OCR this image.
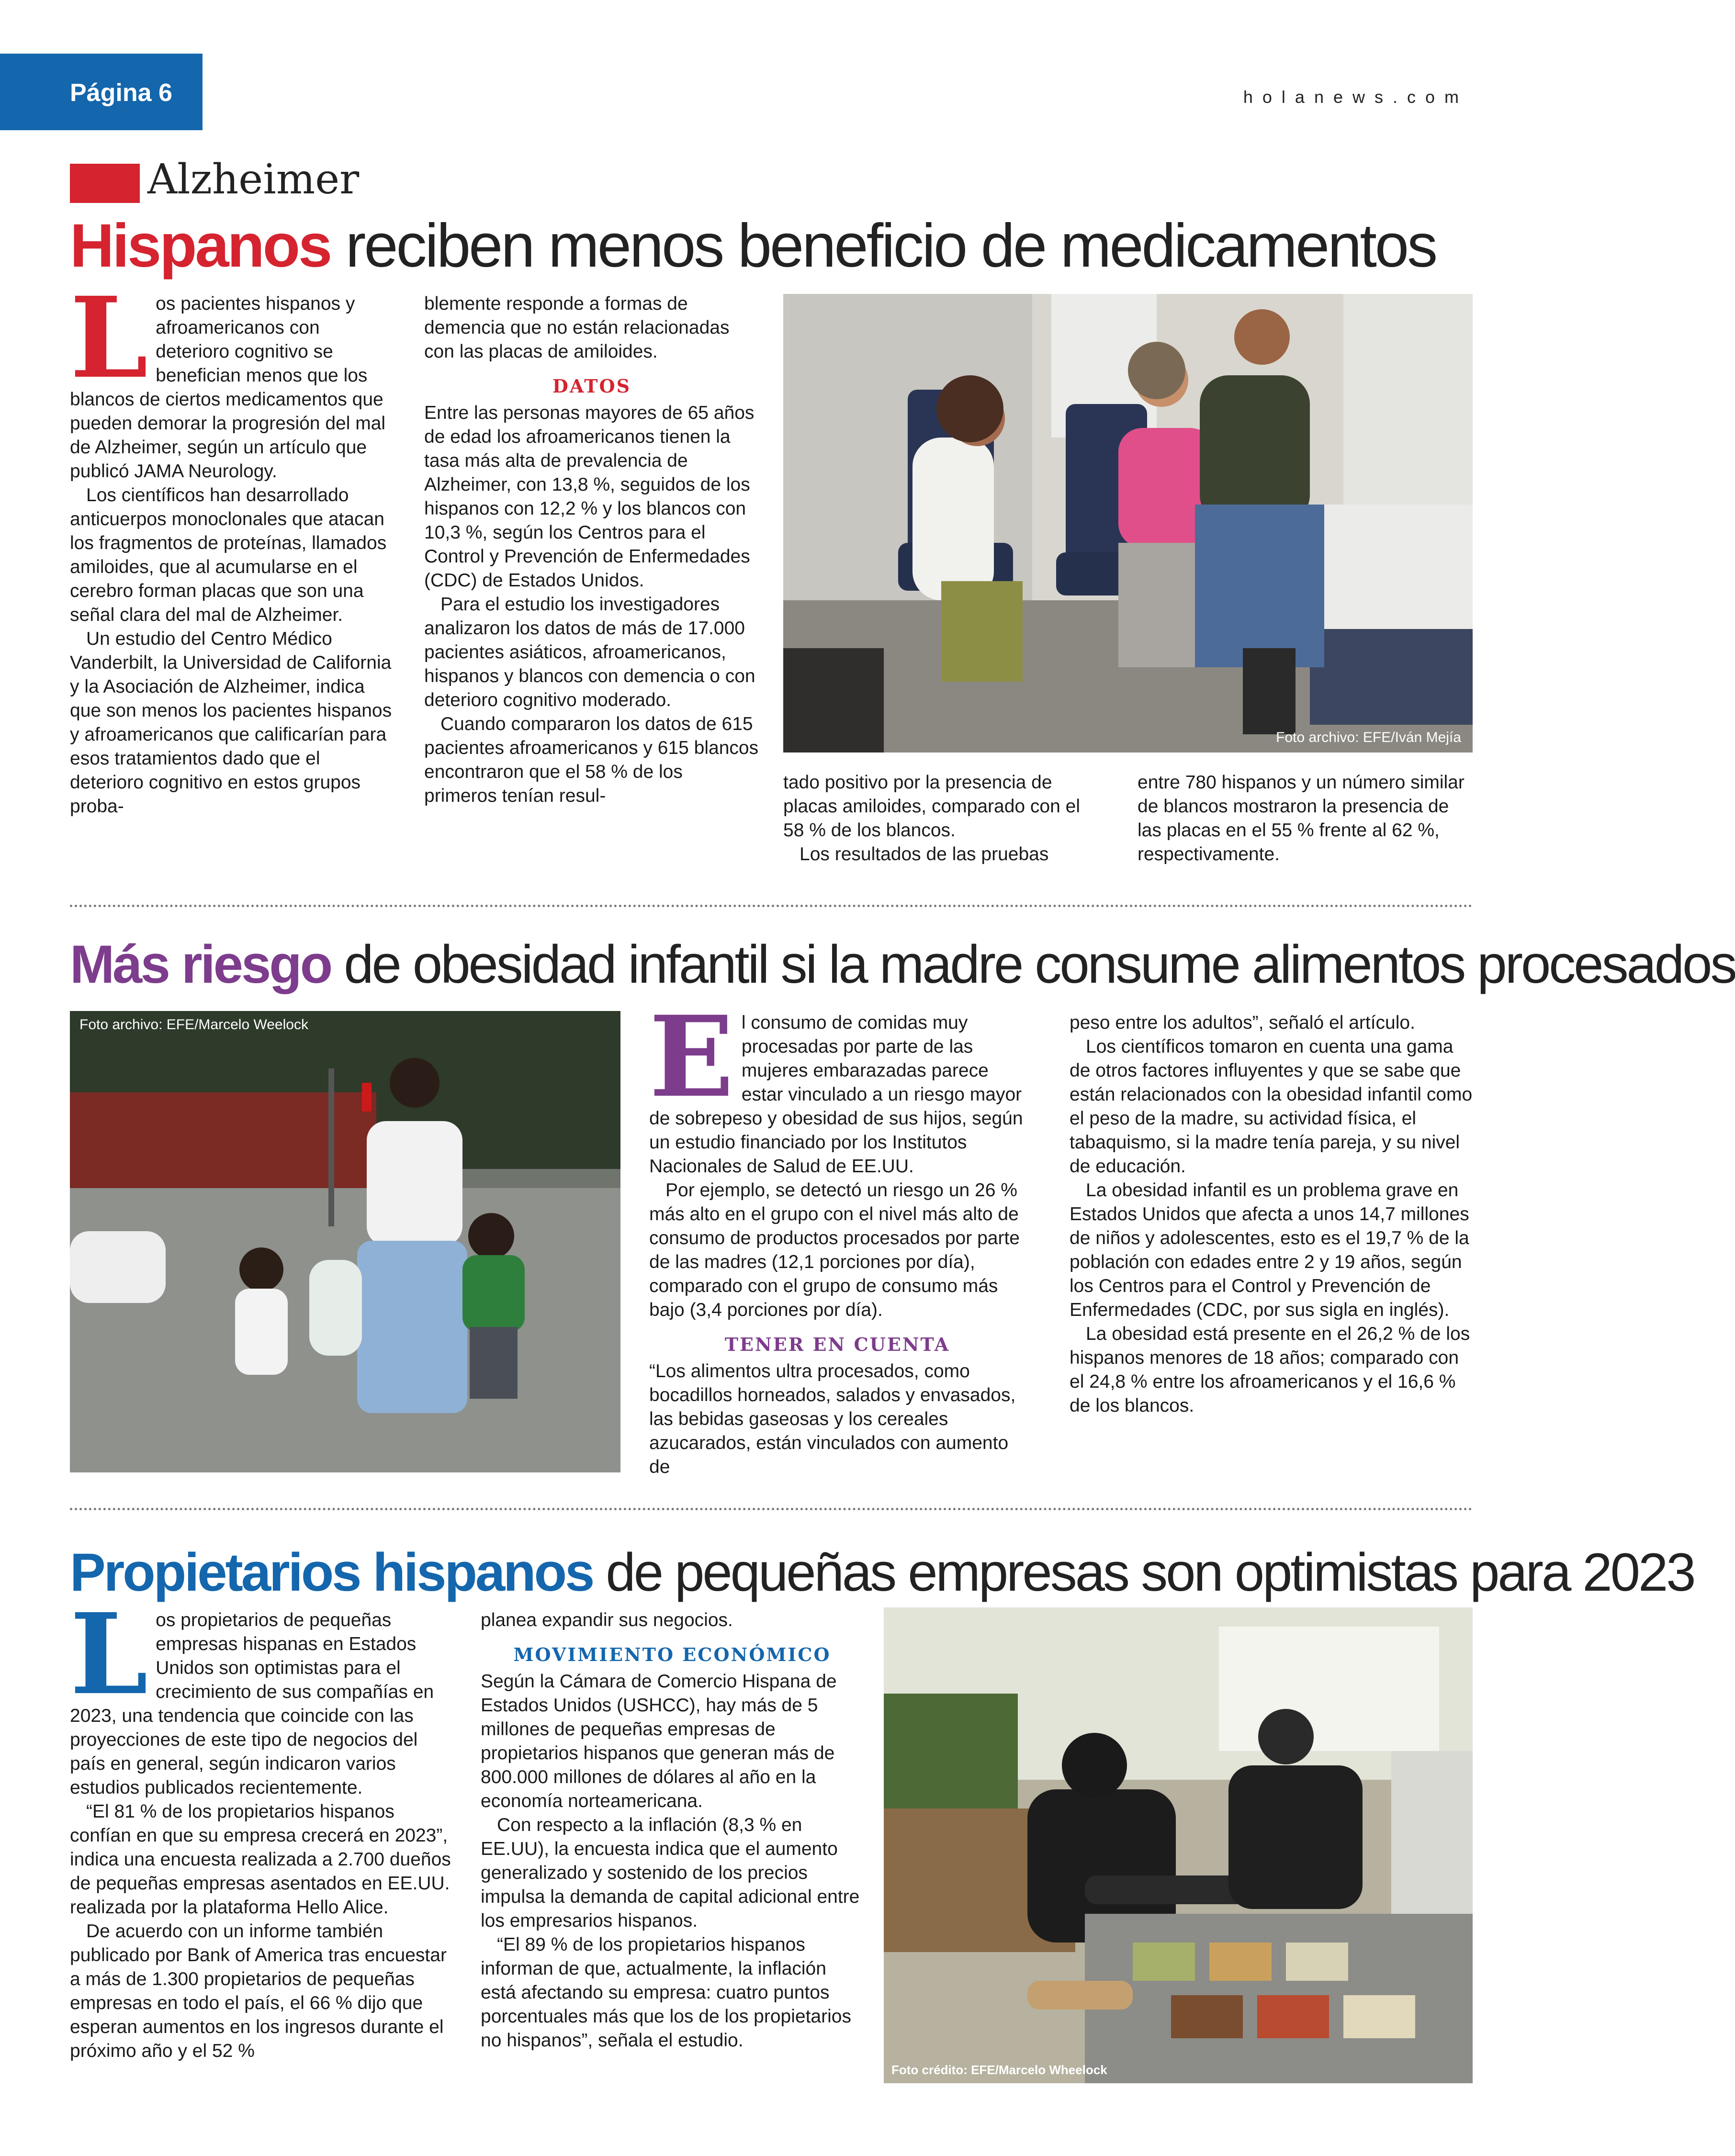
Página 6	holanews.com
Alzheimer
Hispanos reciben menos beneficio de medicamentos
L os pacientes hispanos y afroamericanos con deterioro cognitivo se benefician menos que los blancos de ciertos medicamentos que pueden demorar la progresión del mal de Alzheimer, según un artículo que publicó JAMA Neurology.

Los científicos han desarrollado anticuerpos monoclonales que atacan los fragmentos de proteínas, llamados amiloides, que al acumularse en el cerebro forman placas que son una señal clara del mal de Alzheimer.

Un estudio del Centro Médico Vanderbilt, la Universidad de California y la Asociación de Alzheimer, indica que son menos los pacientes hispanos y afroamericanos que calificarían para esos tratamientos dado que el deterioro cognitivo en estos grupos proba-

blemente responde a formas de demencia que no están relacionadas con las placas de amiloides.

DATOS

Entre las personas mayores de 65 años de edad los afroamericanos tienen la tasa más alta de prevalencia de Alzheimer, con 13,8 %, seguidos de los hispanos con 12,2 % y los blancos con 10,3 %, según los Centros para el Control y Prevención de Enfermedades (CDC) de Estados Unidos.

Para el estudio los investigadores analizaron los datos de más de 17.000 pacientes asiáticos, afroamericanos, hispanos y blancos con demencia o con deterioro cognitivo moderado.

Cuando compararon los datos de 615 pacientes afroamericanos y 615 blancos encontraron que el 58 % de los primeros tenían resul-

Foto archivo: EFE/Iván Mejía

tado positivo por la presencia de placas amiloides, comparado con el 58 % de los blancos.

Los resultados de las pruebas

entre 780 hispanos y un número similar de blancos mostraron la presencia de las placas en el 55 % frente al 62 %, respectivamente.

Más riesgo de obesidad infantil si la madre consume alimentos procesados
Foto archivo: EFE/Marcelo Weelock	E l consumo de comidas muy procesadas por parte de las mujeres embarazadas parece estar vinculado a un riesgo mayor de sobrepeso y obesidad de sus hijos, según un estudio financiado por los Institutos Nacionales de Salud de EE.UU.

Por ejemplo, se detectó un riesgo un 26 % más alto en el grupo con el nivel más alto de consumo de productos procesados por parte de las madres (12,1 porciones por día), comparado con el grupo de consumo más bajo (3,4 porciones por día).

TENER EN CUENTA

“Los alimentos ultra procesados, como bocadillos horneados, salados y envasados, las bebidas gaseosas y los cereales azucarados, están vinculados con aumento de

peso entre los adultos”, señaló el artículo.

Los científicos tomaron en cuenta una gama de otros factores influyentes y que se sabe que están relacionados con la obesidad infantil como el peso de la madre, su actividad física, el tabaquismo, si la madre tenía pareja, y su nivel de educación.

La obesidad infantil es un problema grave en Estados Unidos que afecta a unos 14,7 millones de niños y adolescentes, esto es el 19,7 % de la población con edades entre 2 y 19 años, según los Centros para el Control y Prevención de Enfermedades (CDC, por sus sigla en inglés).

La obesidad está presente en el 26,2 % de los hispanos menores de 18 años; comparado con el 24,8 % entre los afroamericanos y el 16,6 % de los blancos.

Propietarios hispanos de pequeñas empresas son optimistas para 2023
L os propietarios de pequeñas empresas hispanas en Estados Unidos son optimistas para el crecimiento de sus compañías en 2023, una tendencia que coincide con las proyecciones de este tipo de negocios del país en general, según indicaron varios estudios publicados recientemente.

“El 81 % de los propietarios hispanos confían en que su empresa crecerá en 2023”, indica una encuesta realizada a 2.700 dueños de pequeñas empresas asentados en EE.UU. realizada por la plataforma Hello Alice.

De acuerdo con un informe también publicado por Bank of America tras encuestar a más de 1.300 propietarios de pequeñas empresas en todo el país, el 66 % dijo que esperan aumentos en los ingresos durante el próximo año y el 52 %

planea expandir sus negocios.

MOVIMIENTO ECONÓMICO

Según la Cámara de Comercio Hispana de Estados Unidos (USHCC), hay más de 5 millones de pequeñas empresas de propietarios hispanos que generan más de 800.000 millones de dólares al año en la economía norteamericana.

Con respecto a la inflación (8,3 % en EE.UU), la encuesta indica que el aumento generalizado y sostenido de los precios impulsa la demanda de capital adicional entre los empresarios hispanos.

“El 89 % de los propietarios hispanos informan de que, actualmente, la inflación está afectando su empresa: cuatro puntos porcentuales más que los de los propietarios no hispanos”, señala el estudio.

Foto crédito: EFE/Marcelo Wheelock
